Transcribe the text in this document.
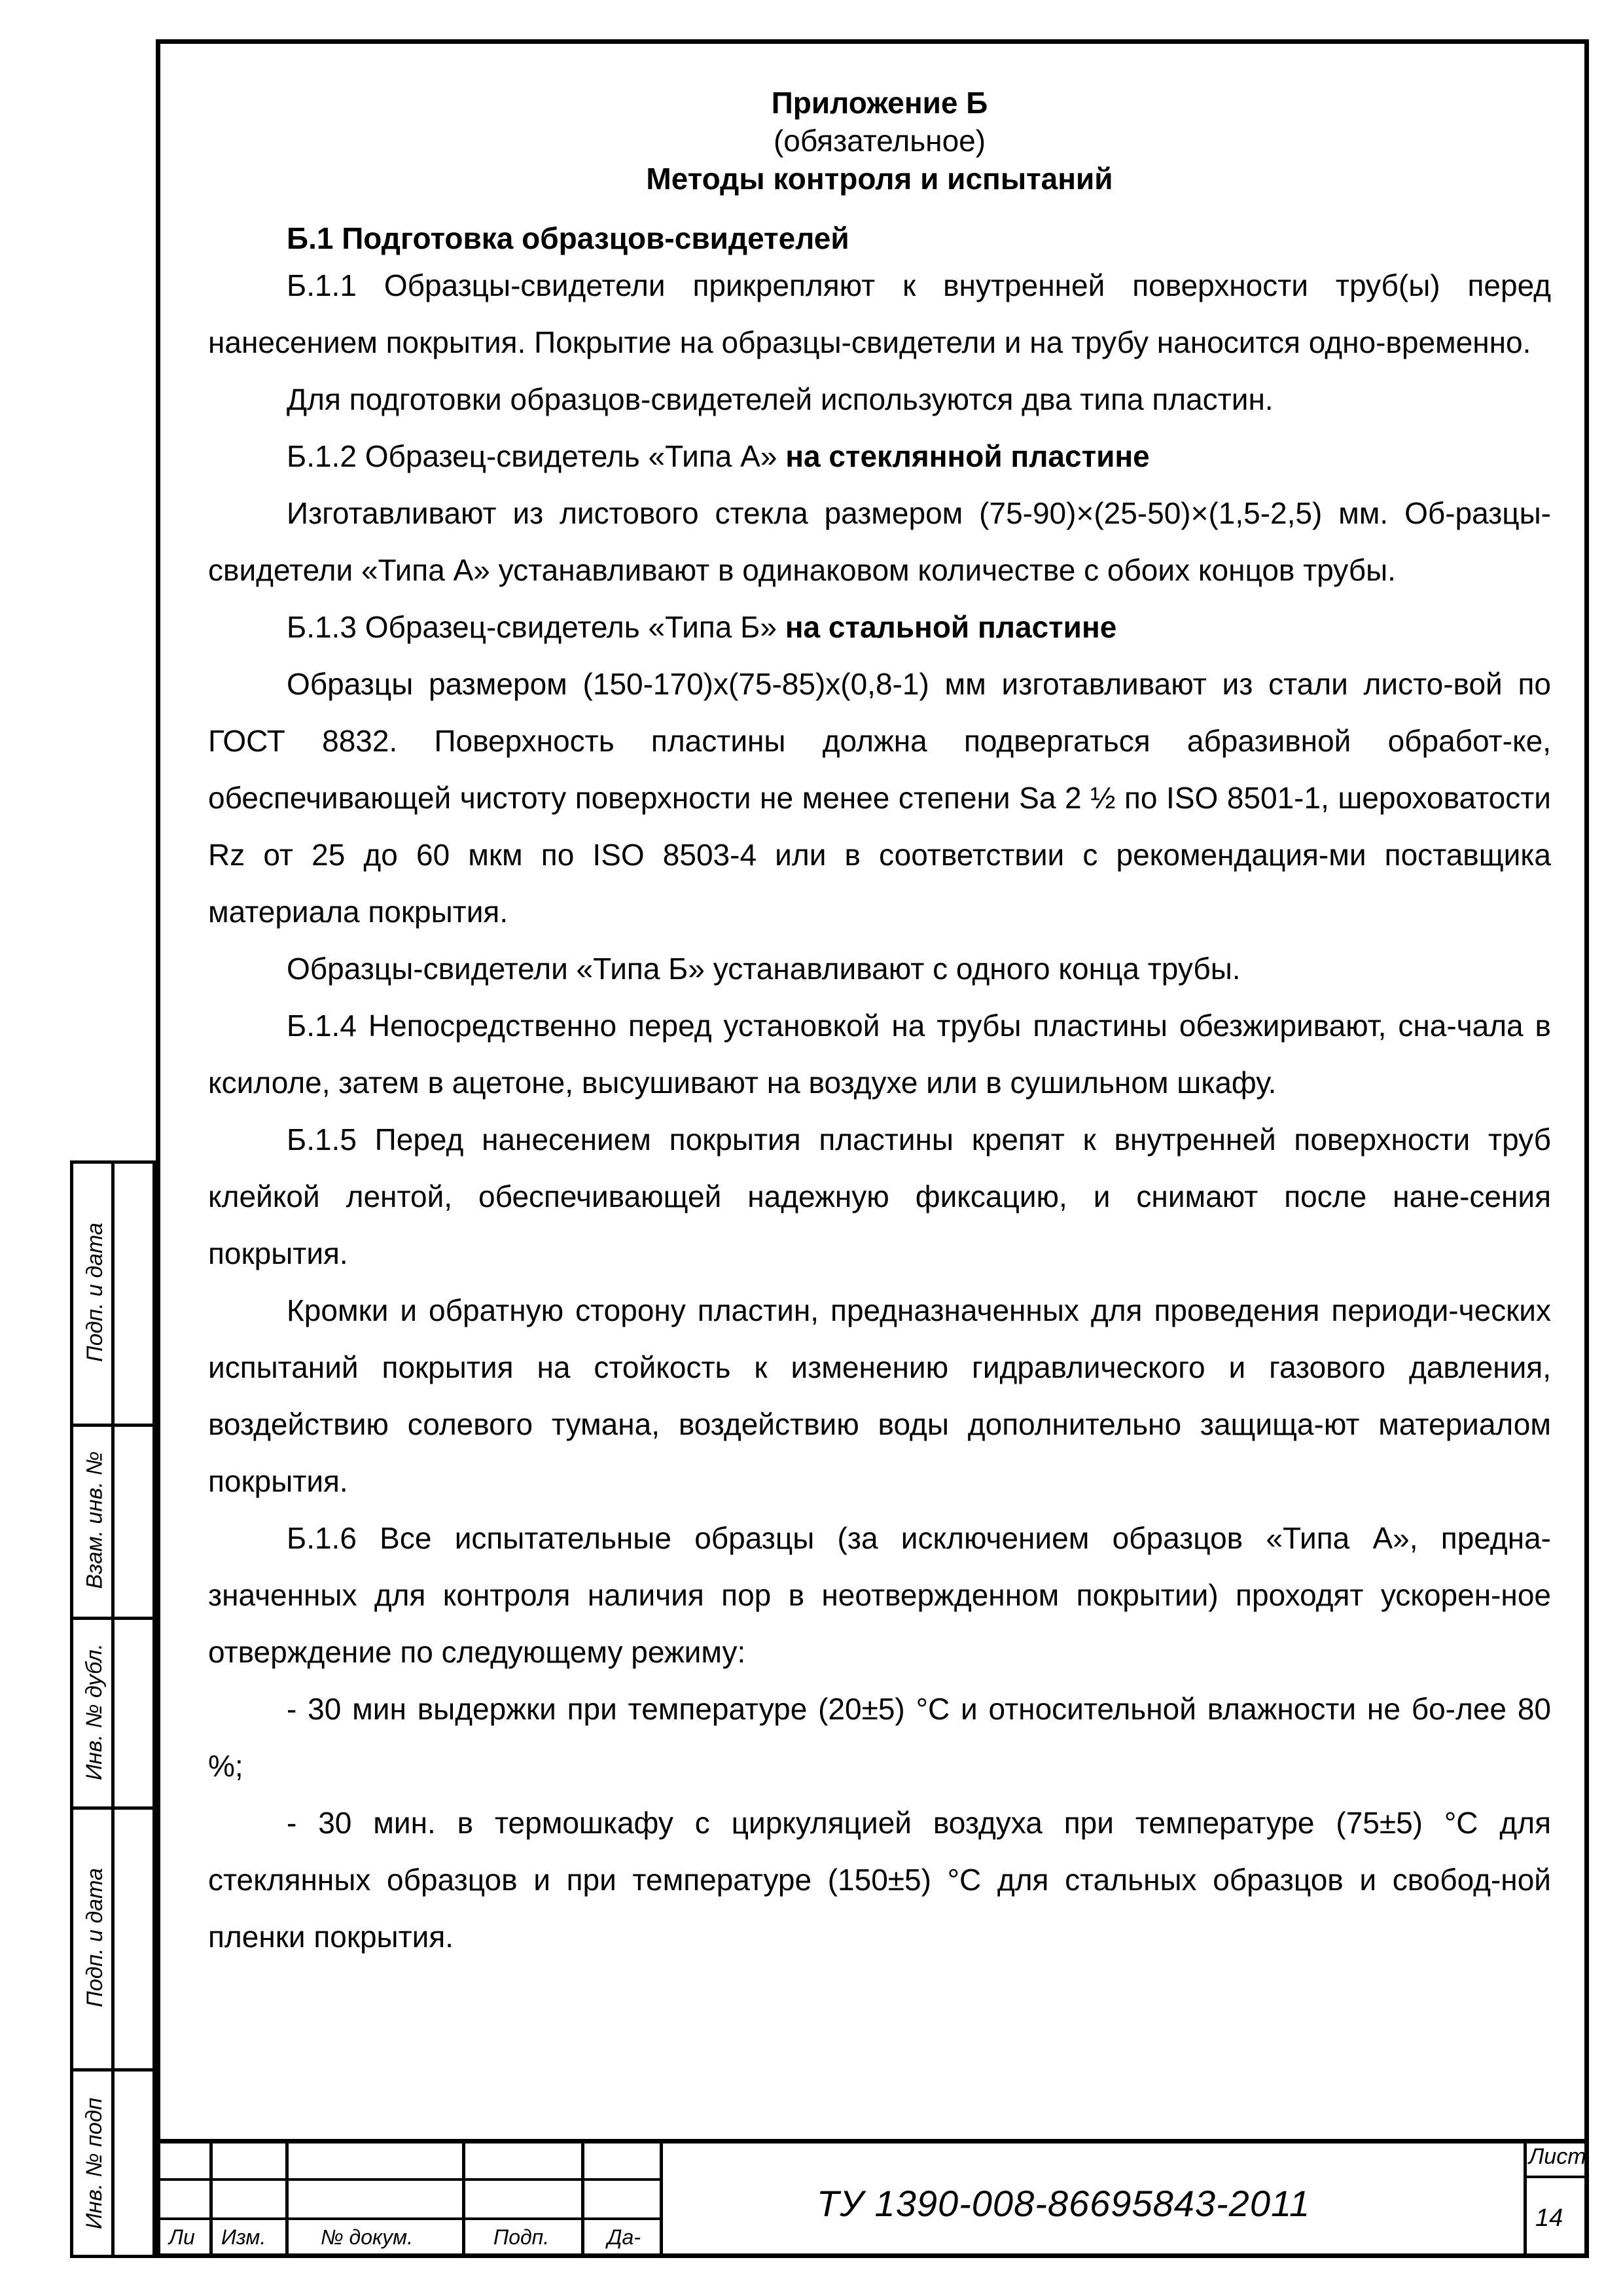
Приложение Б
(обязательное)
Методы контроля и испытаний
Б.1 Подготовка образцов-свидетелей

Б.1.1 Образцы-свидетели прикрепляют к внутренней поверхности труб(ы) перед нанесением покрытия. Покрытие на образцы-свидетели и на трубу наносится одно-временно.

Для подготовки образцов-свидетелей используются два типа пластин.

Б.1.2 Образец-свидетель «Типа А» на стеклянной пластине

Изготавливают из листового стекла размером (75-90)×(25-50)×(1,5-2,5) мм. Об-разцы-свидетели «Типа А» устанавливают в одинаковом количестве с обоих концов трубы.

Б.1.3 Образец-свидетель «Типа Б» на стальной пластине

Образцы размером (150-170)х(75-85)х(0,8-1) мм изготавливают из стали листо-вой по ГОСТ 8832. Поверхность пластины должна подвергаться абразивной обработ-ке, обеспечивающей чистоту поверхности не менее степени Sa 2 ½ по ISO 8501-1, шероховатости Rz от 25 до 60 мкм по ISO 8503-4 или в соответствии с рекомендация-ми поставщика материала покрытия.

Образцы-свидетели «Типа Б» устанавливают с одного конца трубы.

Б.1.4 Непосредственно перед установкой на трубы пластины обезжиривают, сна-чала в ксилоле, затем в ацетоне, высушивают на воздухе или в сушильном шкафу.

Б.1.5 Перед нанесением покрытия пластины крепят к внутренней поверхности труб клейкой лентой, обеспечивающей надежную фиксацию, и снимают после нане-сения покрытия.

Кромки и обратную сторону пластин, предназначенных для проведения периоди-ческих испытаний покрытия на стойкость к изменению гидравлического и газового давления, воздействию солевого тумана, воздействию воды дополнительно защища-ют материалом покрытия.

Б.1.6 Все испытательные образцы (за исключением образцов «Типа А», предна-значенных для контроля наличия пор в неотвержденном покрытии) проходят ускорен-ное отверждение по следующему режиму:

- 30 мин выдержки при температуре (20±5) °С и относительной влажности не бо-лее 80 %;

- 30 мин. в термошкафу с циркуляцией воздуха при температуре (75±5) °С для стеклянных образцов и при температуре (150±5) °С для стальных образцов и свобод-ной пленки покрытия.

Подп. и дата
Взам. инв. №
Инв. № дубл.
Подп. и дата
Инв. № подп
Ли Изм.	№ докум.	Подп.	Да-
ТУ 1390-008-86695843-2011
Лист
14
